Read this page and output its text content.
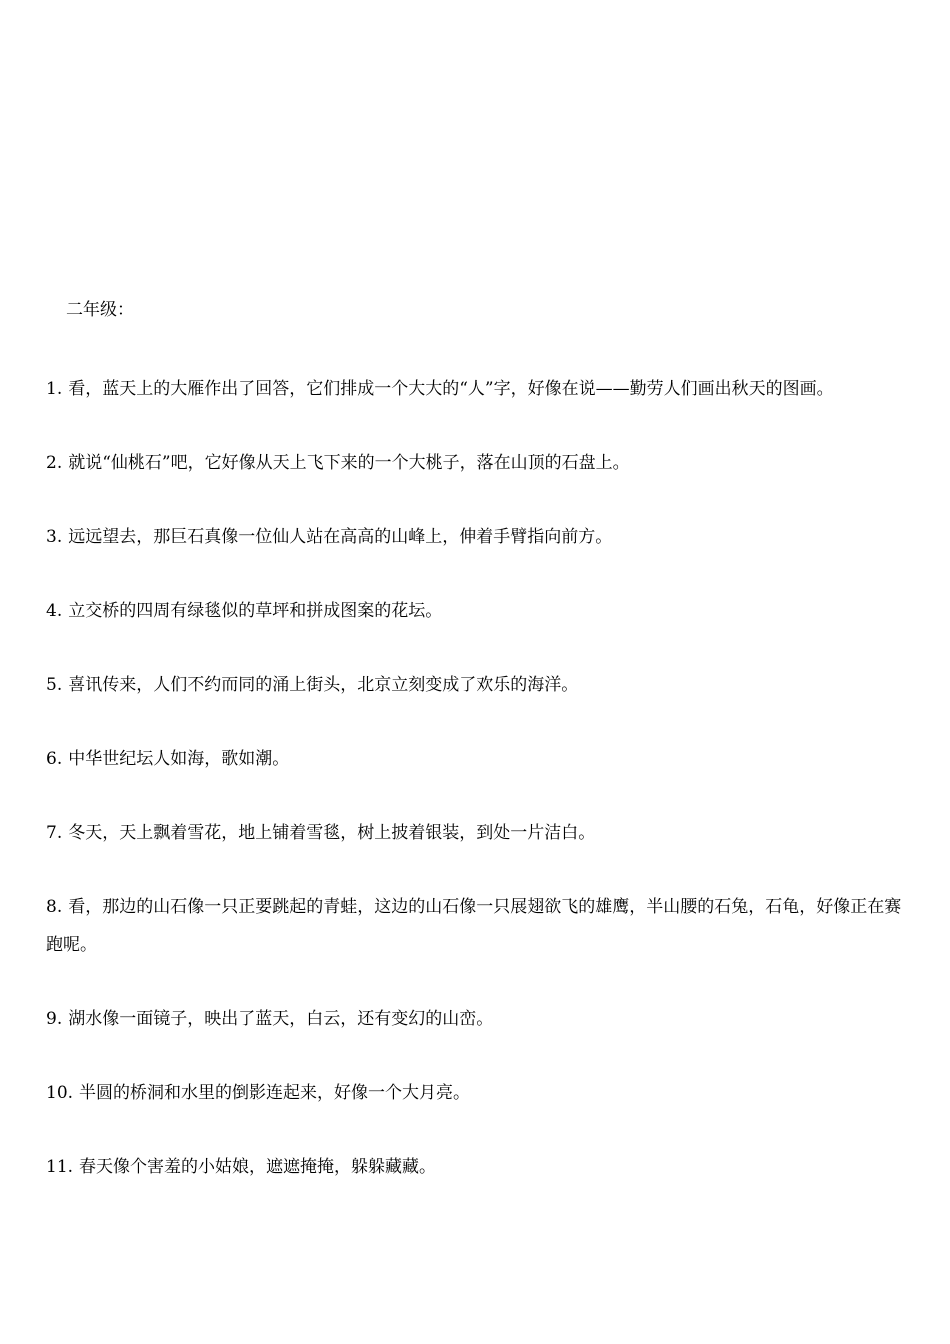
二年级：
1. 看，蓝天上的大雁作出了回答，它们排成一个大大的“人”字，好像在说——勤劳人们画出秋天的图画。
2. 就说“仙桃石”吧，它好像从天上飞下来的一个大桃子，落在山顶的石盘上。
3. 远远望去，那巨石真像一位仙人站在高高的山峰上，伸着手臂指向前方。
4. 立交桥的四周有绿毯似的草坪和拼成图案的花坛。
5. 喜讯传来，人们不约而同的涌上街头，北京立刻变成了欢乐的海洋。
6. 中华世纪坛人如海，歌如潮。
7. 冬天，天上飘着雪花，地上铺着雪毯，树上披着银装，到处一片洁白。
8. 看，那边的山石像一只正要跳起的青蛙，这边的山石像一只展翅欲飞的雄鹰，半山腰的石兔，石龟，好像正在赛跑呢。
9. 湖水像一面镜子，映出了蓝天，白云，还有变幻的山峦。
10. 半圆的桥洞和水里的倒影连起来，好像一个大月亮。
11. 春天像个害羞的小姑娘，遮遮掩掩，躲躲藏藏。
